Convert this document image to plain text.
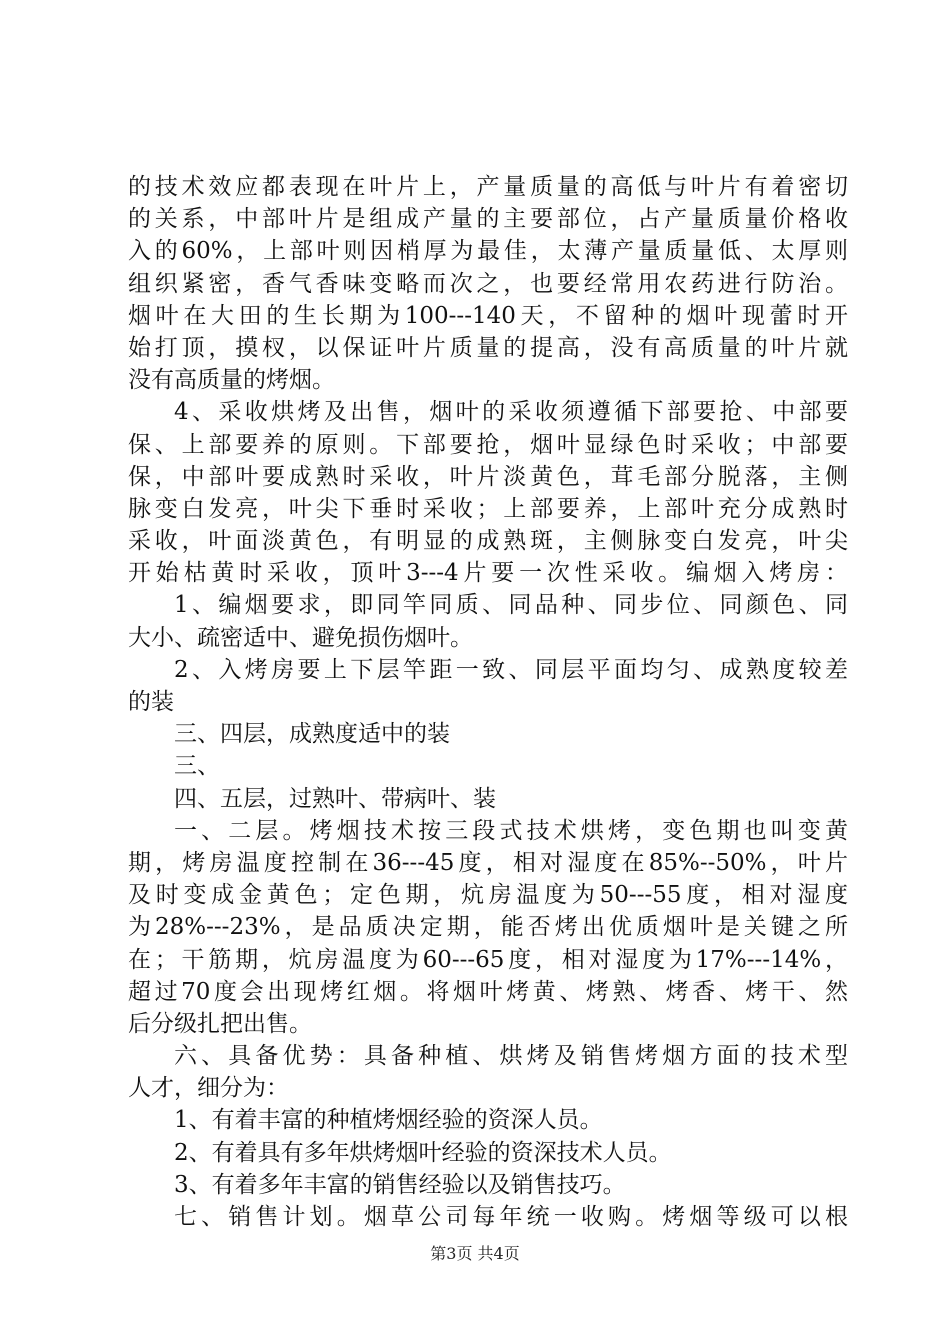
的技术效应都表现在叶片上，产量质量的高低与叶片有着密切
的关系，中部叶片是组成产量的主要部位，占产量质量价格收
入的60%，上部叶则因梢厚为最佳，太薄产量质量低、太厚则
组织紧密，香气香味变略而次之，也要经常用农药进行防治。
烟叶在大田的生长期为100---140天，不留种的烟叶现蕾时开
始打顶，摸杈，以保证叶片质量的提高，没有高质量的叶片就
没有高质量的烤烟。
4、采收烘烤及出售，烟叶的采收须遵循下部要抢、中部要
保、上部要养的原则。下部要抢，烟叶显绿色时采收；中部要
保，中部叶要成熟时采收，叶片淡黄色，茸毛部分脱落，主侧
脉变白发亮，叶尖下垂时采收；上部要养，上部叶充分成熟时
采收，叶面淡黄色，有明显的成熟斑，主侧脉变白发亮，叶尖
开始枯黄时采收，顶叶3---4片要一次性采收。编烟入烤房：
1、编烟要求，即同竿同质、同品种、同步位、同颜色、同
大小、疏密适中、避免损伤烟叶。
2、入烤房要上下层竿距一致、同层平面均匀、成熟度较差
的装
三、四层，成熟度适中的装
三、
四、五层，过熟叶、带病叶、装
一、二层。烤烟技术按三段式技术烘烤，变色期也叫变黄
期，烤房温度控制在36---45度，相对湿度在85%--50%，叶片
及时变成金黄色；定色期，炕房温度为50---55度，相对湿度
为28%---23%，是品质决定期，能否烤出优质烟叶是关键之所
在；干筋期，炕房温度为60---65度，相对湿度为17%---14%，
超过70度会出现烤红烟。将烟叶烤黄、烤熟、烤香、烤干、然
后分级扎把出售。
六、具备优势：具备种植、烘烤及销售烤烟方面的技术型
人才，细分为：
1、有着丰富的种植烤烟经验的资深人员。
2、有着具有多年烘烤烟叶经验的资深技术人员。
3、有着多年丰富的销售经验以及销售技巧。
七、销售计划。烟草公司每年统一收购。烤烟等级可以根
第3页 共4页
